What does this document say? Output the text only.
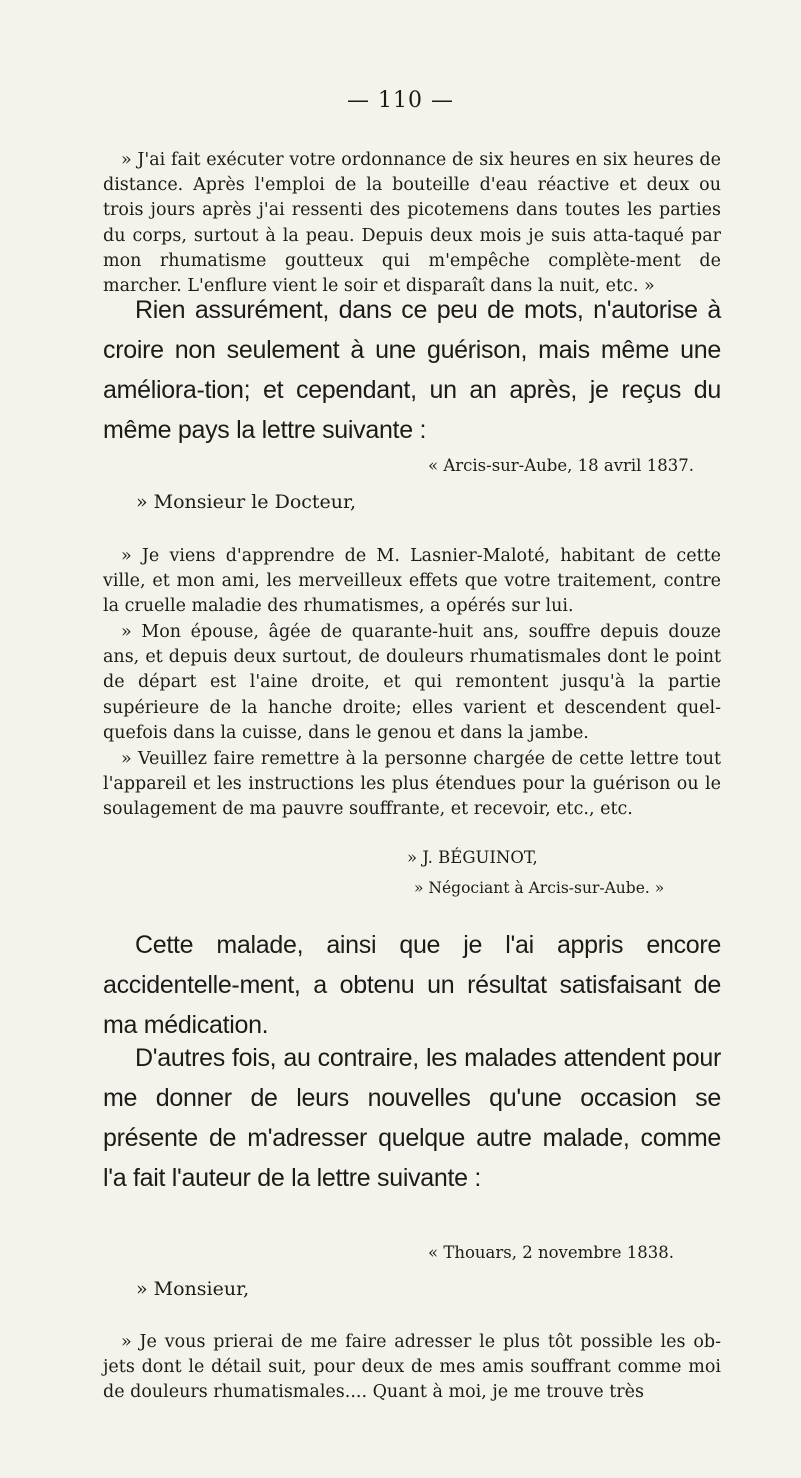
— 110 —
» J'ai fait exécuter votre ordonnance de six heures en six heures de distance. Après l'emploi de la bouteille d'eau réactive et deux ou trois jours après j'ai ressenti des picotemens dans toutes les parties du corps, surtout à la peau. Depuis deux mois je suis atta-taqué par mon rhumatisme goutteux qui m'empêche complète-ment de marcher. L'enflure vient le soir et disparaît dans la nuit, etc. »
Rien assurément, dans ce peu de mots, n'autorise à croire non seulement à une guérison, mais même une améliora-tion; et cependant, un an après, je reçus du même pays la lettre suivante :
« Arcis-sur-Aube, 18 avril 1837.
» Monsieur le Docteur,
» Je viens d'apprendre de M. Lasnier-Maloté, habitant de cette ville, et mon ami, les merveilleux effets que votre traitement, contre la cruelle maladie des rhumatismes, a opérés sur lui.
» Mon épouse, âgée de quarante-huit ans, souffre depuis douze ans, et depuis deux surtout, de douleurs rhumatismales dont le point de départ est l'aine droite, et qui remontent jusqu'à la partie supérieure de la hanche droite; elles varient et descendent quel-quefois dans la cuisse, dans le genou et dans la jambe.
» Veuillez faire remettre à la personne chargée de cette lettre tout l'appareil et les instructions les plus étendues pour la guérison ou le soulagement de ma pauvre souffrante, et recevoir, etc., etc.
» J. BÉGUINOT,
» Négociant à Arcis-sur-Aube. »
Cette malade, ainsi que je l'ai appris encore accidentelle-ment, a obtenu un résultat satisfaisant de ma médication.
D'autres fois, au contraire, les malades attendent pour me donner de leurs nouvelles qu'une occasion se présente de m'adresser quelque autre malade, comme l'a fait l'auteur de la lettre suivante :
« Thouars, 2 novembre 1838.
» Monsieur,
» Je vous prierai de me faire adresser le plus tôt possible les ob-jets dont le détail suit, pour deux de mes amis souffrant comme moi de douleurs rhumatismales.... Quant à moi, je me trouve très
